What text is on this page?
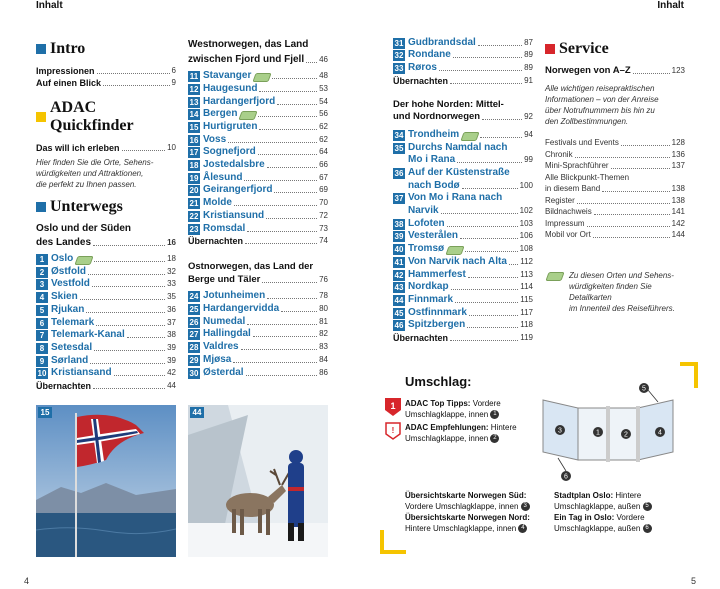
Inhalt	Inhalt
Intro
Impressionen	6
Auf einen Blick	9
ADAC Quickfinder
Das will ich erleben	10
Hier finden Sie die Orte, Sehens-
würdigkeiten und Attraktionen,
die perfekt zu Ihnen passen.
Unterwegs
Oslo und der Süden
des Landes	16
1 Oslo	18
2 Østfold	32
3 Vestfold	33
4 Skien	35
5 Rjukan	36
6 Telemark	37
7 Telemark-Kanal	38
8 Setesdal	39
9 Sørland	39
10 Kristiansand	42
Übernachten	44
Westnorwegen, das Land
zwischen Fjord und Fjell 46
11 Stavanger	48
12 Haugesund	53
13 Hardangerfjord	54
14 Bergen	56
15 Hurtigruten	62
16 Voss	62
17 Sognefjord	64
18 Jostedalsbre	66
19 Ålesund	67
20 Geirangerfjord	69
21 Molde	70
22 Kristiansund	72
23 Romsdal	73
Übernachten	74
Ostnorwegen, das Land der
Berge und Täler	76
24 Jotunheimen	78
25 Hardangervidda	80
26 Numedal	81
27 Hallingdal	82
28 Valdres	83
29 Mjøsa	84
30 Østerdal	86
31 Gudbrandsdal	87
32 Rondane	89
33 Røros	89
Übernachten	91
Der hohe Norden: Mittel-
und Nordnorwegen	92
34 Trondheim	94
35 Durchs Namdal nach
Mo i Rana	99
36 Auf der Küstenstraße
nach Bodø	100
37 Von Mo i Rana nach
Narvik	102
38 Lofoten	103
39 Vesterålen	106
40 Tromsø	108
41 Von Narvik nach Alta 112
42 Hammerfest	113
43 Nordkap	114
44 Finnmark	115
45 Ostfinnmark	117
46 Spitzbergen	118
Übernachten	119
Service
Norwegen von A–Z	123
Alle wichtigen reisepraktischen
Informationen – von der Anreise
über Notrufnummern bis hin zu
den Zollbestimmungen.
Festivals und Events	128
Chronik	136
Mini-Sprachführer	137
Alle Blickpunkt-Themen
in diesem Band	138
Register	138
Bildnachweis	141
Impressum	142
Mobil vor Ort	144
Zu diesen Orten und Sehens-
würdigkeiten finden Sie Detailkarten
im Innenteil des Reiseführers.
15	44
Umschlag:
1 ADAC Top Tipps: Vordere
Umschlagklappe, innen 1
! ADAC Empfehlungen: Hintere
Umschlagklappe, innen 2
3	1	2	4
5
6
Übersichtskarte Norwegen Süd:
Vordere Umschlagklappe, innen 3
Übersichtskarte Norwegen Nord:
Hintere Umschlagklappe, innen 4
Stadtplan Oslo: Hintere
Umschlagklappe, außen 5
Ein Tag in Oslo: Vordere
Umschlagklappe, außen 6
4	5
